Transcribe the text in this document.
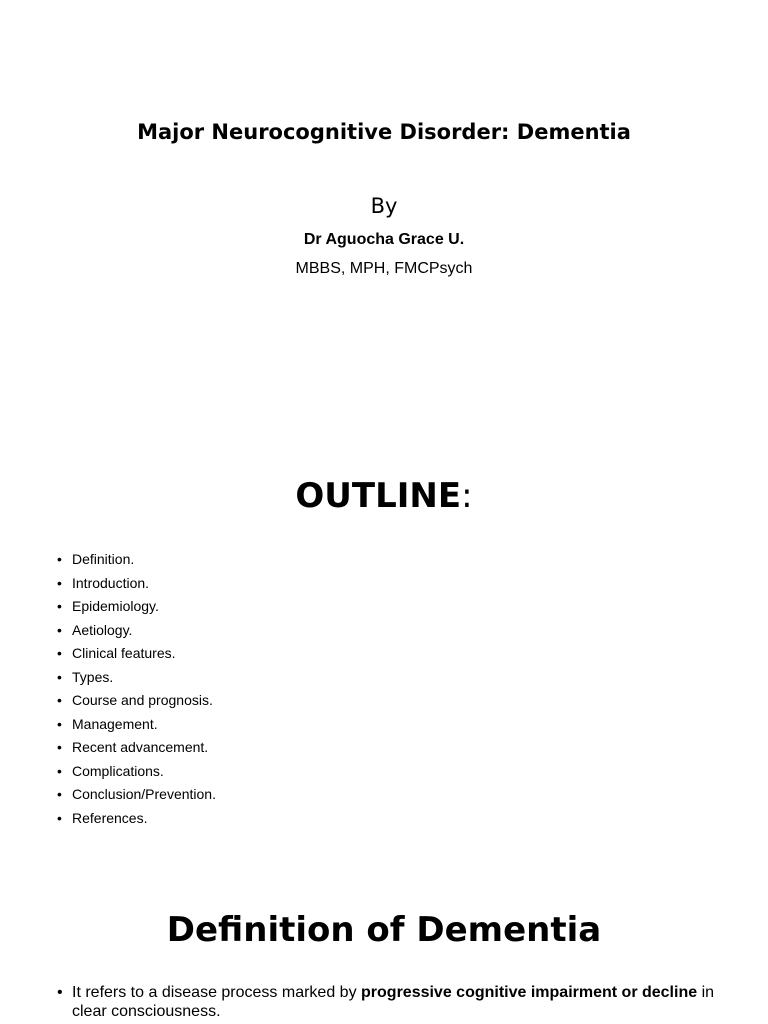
Major Neurocognitive Disorder: Dementia
By
Dr Aguocha Grace U.
MBBS, MPH, FMCPsych
OUTLINE:
• Definition.
• Introduction.
• Epidemiology.
• Aetiology.
• Clinical features.
• Types.
• Course and prognosis.
• Management.
• Recent advancement.
• Complications.
• Conclusion/Prevention.
• References.
Definition of Dementia
• It refers to a disease process marked by progressive cognitive impairment or decline in clear consciousness.
